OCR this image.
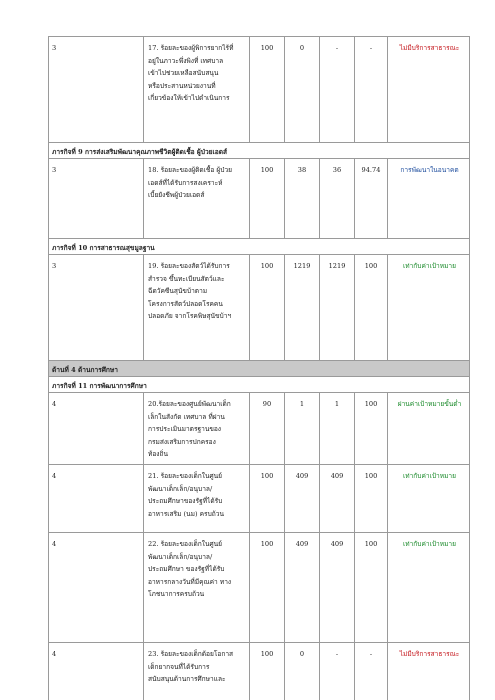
3	17. ร้อยละของผู้พิการยากไร้ที่
อยู่ในภาวะพึ่งพิงที่ เทศบาล
เข้าไปช่วยเหลือสนับสนุน
หรือประสานหน่วยงานที่
เกี่ยวข้องให้เข้าไปดำเนินการ
100	0	-	-	ไม่มีบริการสาธารณะ
ภารกิจที่ 9 การส่งเสริมพัฒนาคุณภาพชีวิตผู้ติดเชื้อ ผู้ป่วยเอดส์
3	18. ร้อยละของผู้ติดเชื้อ ผู้ป่วย
เอดส์ที่ได้รับการสงเคราะห์
เบี้ยยังชีพผู้ป่วยเอดส์
100	38	36	94.74	การพัฒนาในอนาคต
ภารกิจที่ 10 การสาธารณสุขมูลฐาน
3	19. ร้อยละของสัตว์ได้รับการ
สำรวจ ขึ้นทะเบียนสัตว์และ
ฉีดวัคซีนสุนัขบ้าตาม
โครงการสัตว์ปลอดโรคคน
ปลอดภัย จากโรคพิษสุนัขบ้าฯ
100	1219	1219	100	เท่ากับค่าเป้าหมาย
ด้านที่ 4 ด้านการศึกษา
ภารกิจที่ 11 การพัฒนาการศึกษา
4	20.ร้อยละของศูนย์พัฒนาเด็ก
เล็กในสังกัด เทศบาล ที่ผ่าน
การประเมินมาตรฐานของ
กรมส่งเสริมการปกครอง
ท้องถิ่น
90	1	1	100	ผ่านค่าเป้าหมายขั้นต่ำ
4	21. ร้อยละของเด็กในศูนย์
พัฒนาเด็กเล็ก/อนุบาล/
ประถมศึกษาของรัฐที่ได้รับ
อาหารเสริม (นม) ครบถ้วน
100	409	409	100	เท่ากับค่าเป้าหมาย
4	22. ร้อยละของเด็กในศูนย์
พัฒนาเด็กเล็ก/อนุบาล/
ประถมศึกษา ของรัฐที่ได้รับ
อาหารกลางวันที่มีคุณค่า ทาง
โภชนาการครบถ้วน
100	409	409	100	เท่ากับค่าเป้าหมาย
4	23. ร้อยละของเด็กด้อยโอกาส
เด็กยากจนที่ได้รับการ
สนับสนุนด้านการศึกษาและ
100	0	-	-	ไม่มีบริการสาธารณะ
